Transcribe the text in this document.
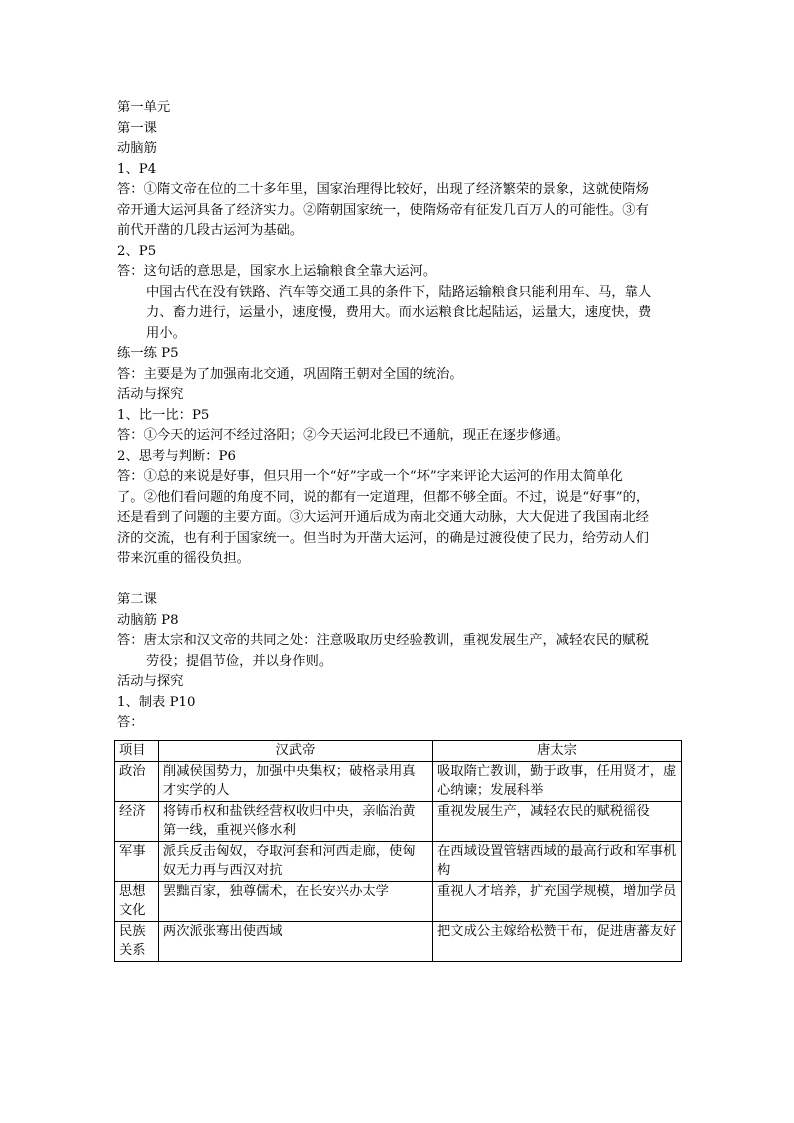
第一单元
第一课
动脑筋
1、P4
答：①隋文帝在位的二十多年里，国家治理得比较好，出现了经济繁荣的景象，这就使隋炀
帝开通大运河具备了经济实力。②隋朝国家统一，使隋炀帝有征发几百万人的可能性。③有
前代开凿的几段古运河为基础。
2、P5
答：这句话的意思是，国家水上运输粮食全靠大运河。
中国古代在没有铁路、汽车等交通工具的条件下，陆路运输粮食只能利用车、马，靠人
力、畜力进行，运量小，速度慢，费用大。而水运粮食比起陆运，运量大，速度快，费
用小。
练一练 P5
答：主要是为了加强南北交通，巩固隋王朝对全国的统治。
活动与探究
1、比一比：P5
答：①今天的运河不经过洛阳；②今天运河北段已不通航，现正在逐步修通。
2、思考与判断：P6
答：①总的来说是好事，但只用一个“好”字或一个“坏”字来评论大运河的作用太简单化
了。②他们看问题的角度不同，说的都有一定道理，但都不够全面。不过，说是“好事”的，
还是看到了问题的主要方面。③大运河开通后成为南北交通大动脉，大大促进了我国南北经
济的交流，也有利于国家统一。但当时为开凿大运河，的确是过渡役使了民力，给劳动人们
带来沉重的徭役负担。
第二课
动脑筋 P8
答：唐太宗和汉文帝的共同之处：注意吸取历史经验教训，重视发展生产，减轻农民的赋税
劳役；提倡节俭，并以身作则。
活动与探究
1、制表 P10
答：
项目	汉武帝	唐太宗
政治	削减侯国势力，加强中央集权；破格录用真才实学的人	吸取隋亡教训，勤于政事，任用贤才，虚心纳谏；发展科举
经济	将铸币权和盐铁经营权收归中央，亲临治黄第一线，重视兴修水利	重视发展生产，减轻农民的赋税徭役
军事	派兵反击匈奴，夺取河套和河西走廊，使匈奴无力再与西汉对抗	在西域设置管辖西域的最高行政和军事机构
思想文化	罢黜百家，独尊儒术，在长安兴办太学	重视人才培养，扩充国学规模，增加学员
民族关系	两次派张骞出使西域	把文成公主嫁给松赞干布，促进唐蕃友好
